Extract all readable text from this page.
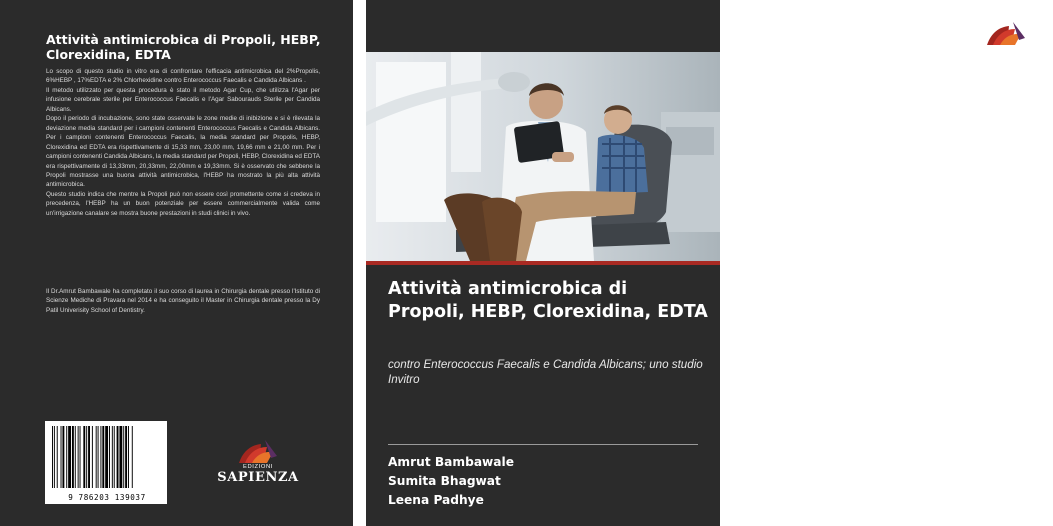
Attività antimicrobica di Propoli, HEBP, Clorexidina, EDTA

Lo scopo di questo studio in vitro era di confrontare l'efficacia antimicrobica del 2%Propolis, 6%HEBP , 17%EDTA e 2% Chlorhexidine contro Enterococcus Faecalis e Candida Albicans .

Il metodo utilizzato per questa procedura è stato il metodo Agar Cup, che utilizza l'Agar per infusione cerebrale sterile per Enterococcus Faecalis e l'Agar Sabourauds Sterile per Candida Albicans.

Dopo il periodo di incubazione, sono state osservate le zone medie di inibizione e si è rilevata la deviazione media standard per i campioni contenenti Enterococcus Faecalis e Candida Albicans. Per i campioni contenenti Enterococcus Faecalis, la media standard per Propolis, HEBP, Clorexidina ed EDTA era rispettivamente di 15,33 mm, 23,00 mm, 19,66 mm e 21,00 mm. Per i campioni contenenti Candida Albicans, la media standard per Propoli, HEBP, Clorexidina ed EDTA era rispettivamente di 13,33mm, 20,33mm, 22,00mm e 19,33mm. Si è osservato che sebbene la Propoli mostrasse una buona attività antimicrobica, l'HEBP ha mostrato la più alta attività antimicrobica.

Questo studio indica che mentre la Propoli può non essere così promettente come si credeva in precedenza, l'HEBP ha un buon potenziale per essere commercialmente valida come un'irrigazione canalare se mostra buone prestazioni in studi clinici in vivo.

Il Dr.Amrut Bambawale ha completato il suo corso di laurea in Chirurgia dentale presso l'Istituto di Scienze Mediche di Pravara nel 2014 e ha conseguito il Master in Chirurgia dentale presso la Dy Patil Univerisity School of Dentistry.
9 786203 139037
EDIZIONI
SAPIENZA
EDIZIONI
SAPIENZA
Attività antimicrobica di Propoli, HEBP, Clorexidina, EDTA
contro Enterococcus Faecalis e Candida Albicans; uno studio Invitro
Amrut Bambawale
Sumita Bhagwat
Leena Padhye
